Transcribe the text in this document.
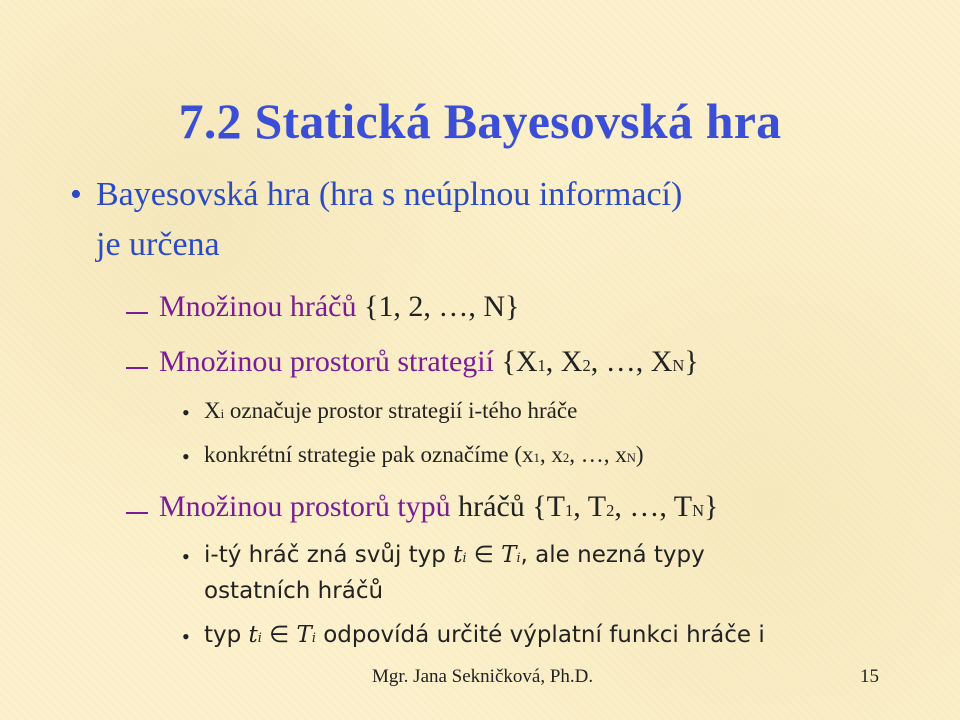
7.2 Statická Bayesovská hra
• Bayesovská hra (hra s neúplnou informací)
je určena
Množinou hráčů {1, 2, …, N}
Množinou prostorů strategií {X1, X2, …, XN}
• Xi označuje prostor strategií i-tého hráče
• konkrétní strategie pak označíme (x1, x2, …, xN)
Množinou prostorů typů hráčů {T1, T2, …, TN}
• i-tý hráč zná svůj typ ti ∈ Ti, ale nezná typy
ostatních hráčů
• typ ti ∈ Ti odpovídá určité výplatní funkci hráče i
Mgr. Jana Sekničková, Ph.D.	15
